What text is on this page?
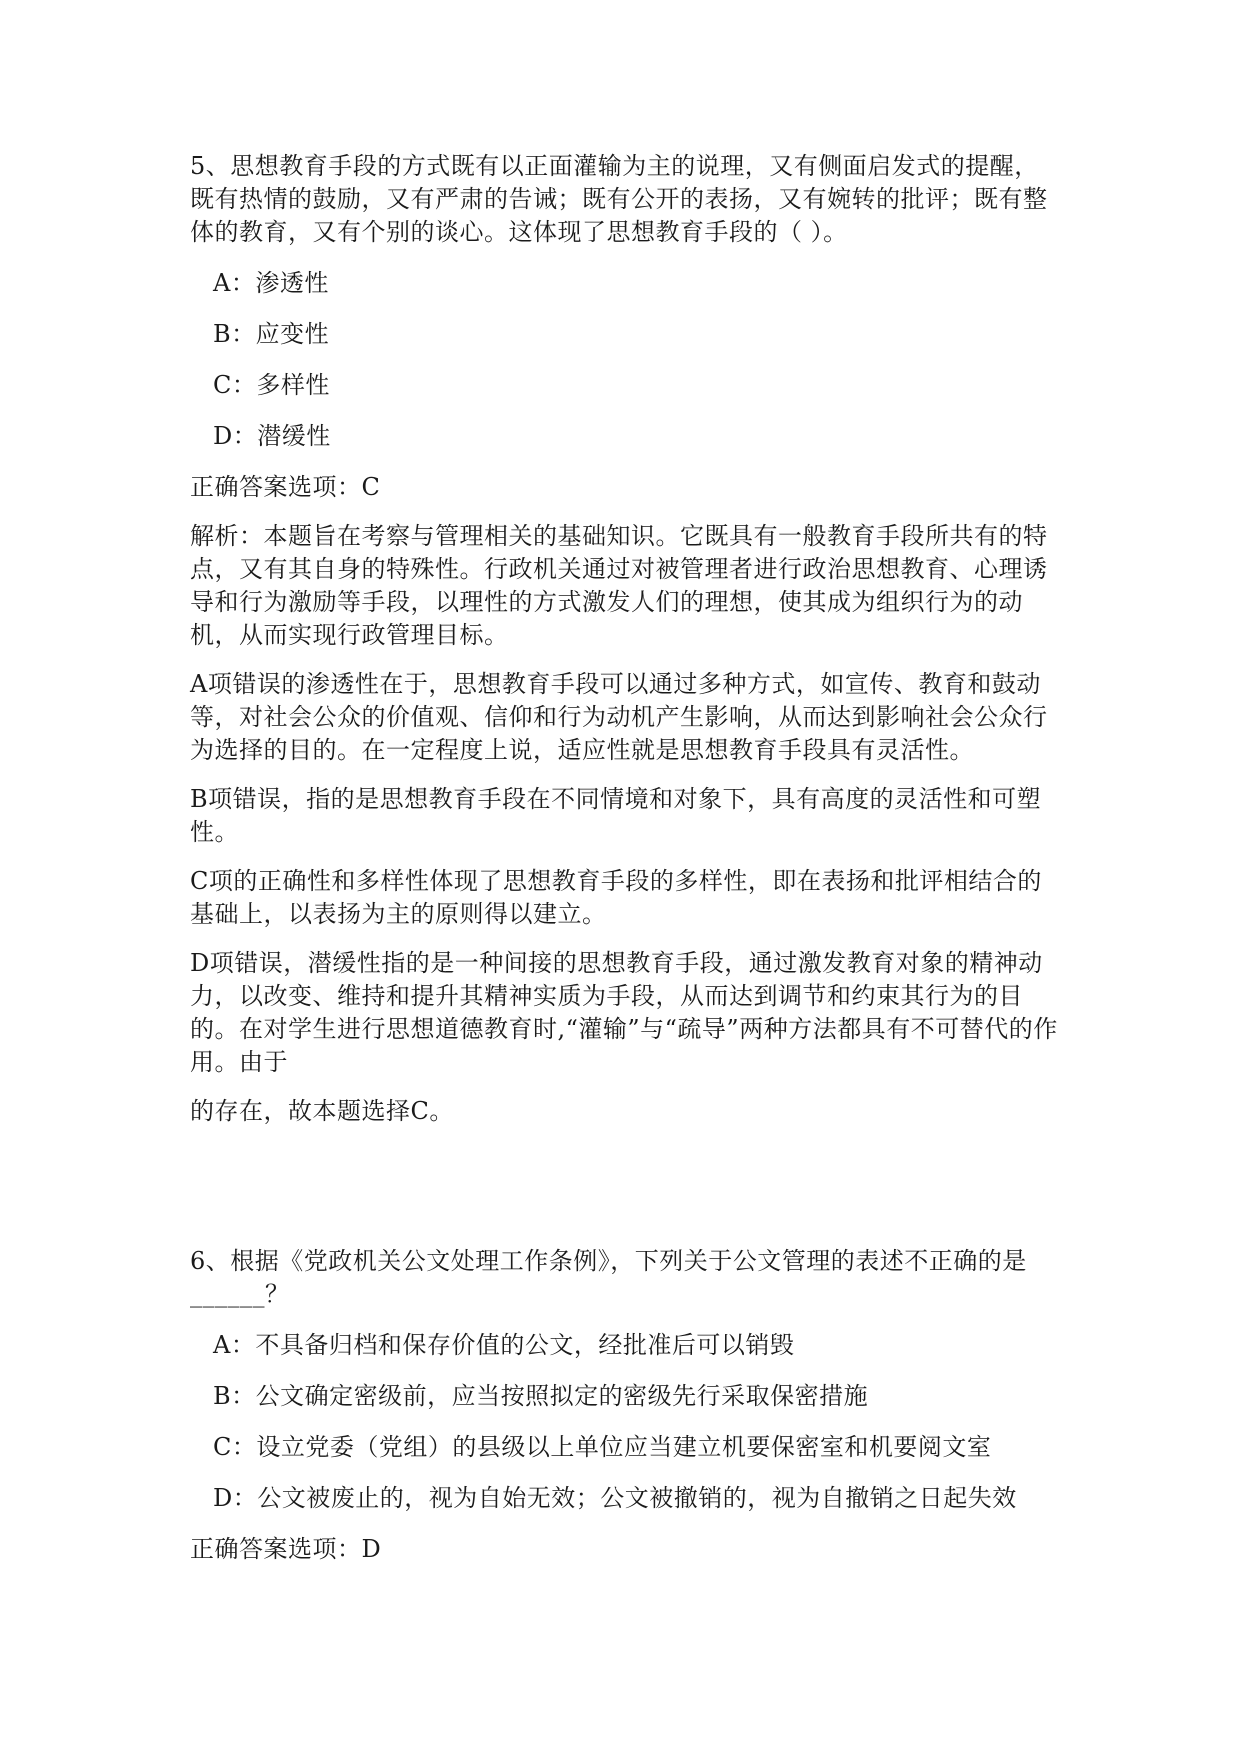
5、思想教育手段的方式既有以正面灌输为主的说理，又有侧面启发式的提醒，既有热情的鼓励，又有严肃的告诫；既有公开的表扬，又有婉转的批评；既有整体的教育，又有个别的谈心。这体现了思想教育手段的（ ）。

A：渗透性
B：应变性
C：多样性
D：潜缓性

正确答案选项：C

解析：本题旨在考察与管理相关的基础知识。它既具有一般教育手段所共有的特点，又有其自身的特殊性。行政机关通过对被管理者进行政治思想教育、心理诱导和行为激励等手段，以理性的方式激发人们的理想，使其成为组织行为的动机，从而实现行政管理目标。

A项错误的渗透性在于，思想教育手段可以通过多种方式，如宣传、教育和鼓动等，对社会公众的价值观、信仰和行为动机产生影响，从而达到影响社会公众行为选择的目的。在一定程度上说，适应性就是思想教育手段具有灵活性。

B项错误，指的是思想教育手段在不同情境和对象下，具有高度的灵活性和可塑性。

C项的正确性和多样性体现了思想教育手段的多样性，即在表扬和批评相结合的基础上，以表扬为主的原则得以建立。

D项错误，潜缓性指的是一种间接的思想教育手段，通过激发教育对象的精神动力，以改变、维持和提升其精神实质为手段，从而达到调节和约束其行为的目的。在对学生进行思想道德教育时,“灌输”与“疏导”两种方法都具有不可替代的作用。由于

的存在，故本题选择C。

6、根据《党政机关公文处理工作条例》，下列关于公文管理的表述不正确的是______？

A：不具备归档和保存价值的公文，经批准后可以销毁
B：公文确定密级前，应当按照拟定的密级先行采取保密措施
C：设立党委（党组）的县级以上单位应当建立机要保密室和机要阅文室
D：公文被废止的，视为自始无效；公文被撤销的，视为自撤销之日起失效

正确答案选项：D
